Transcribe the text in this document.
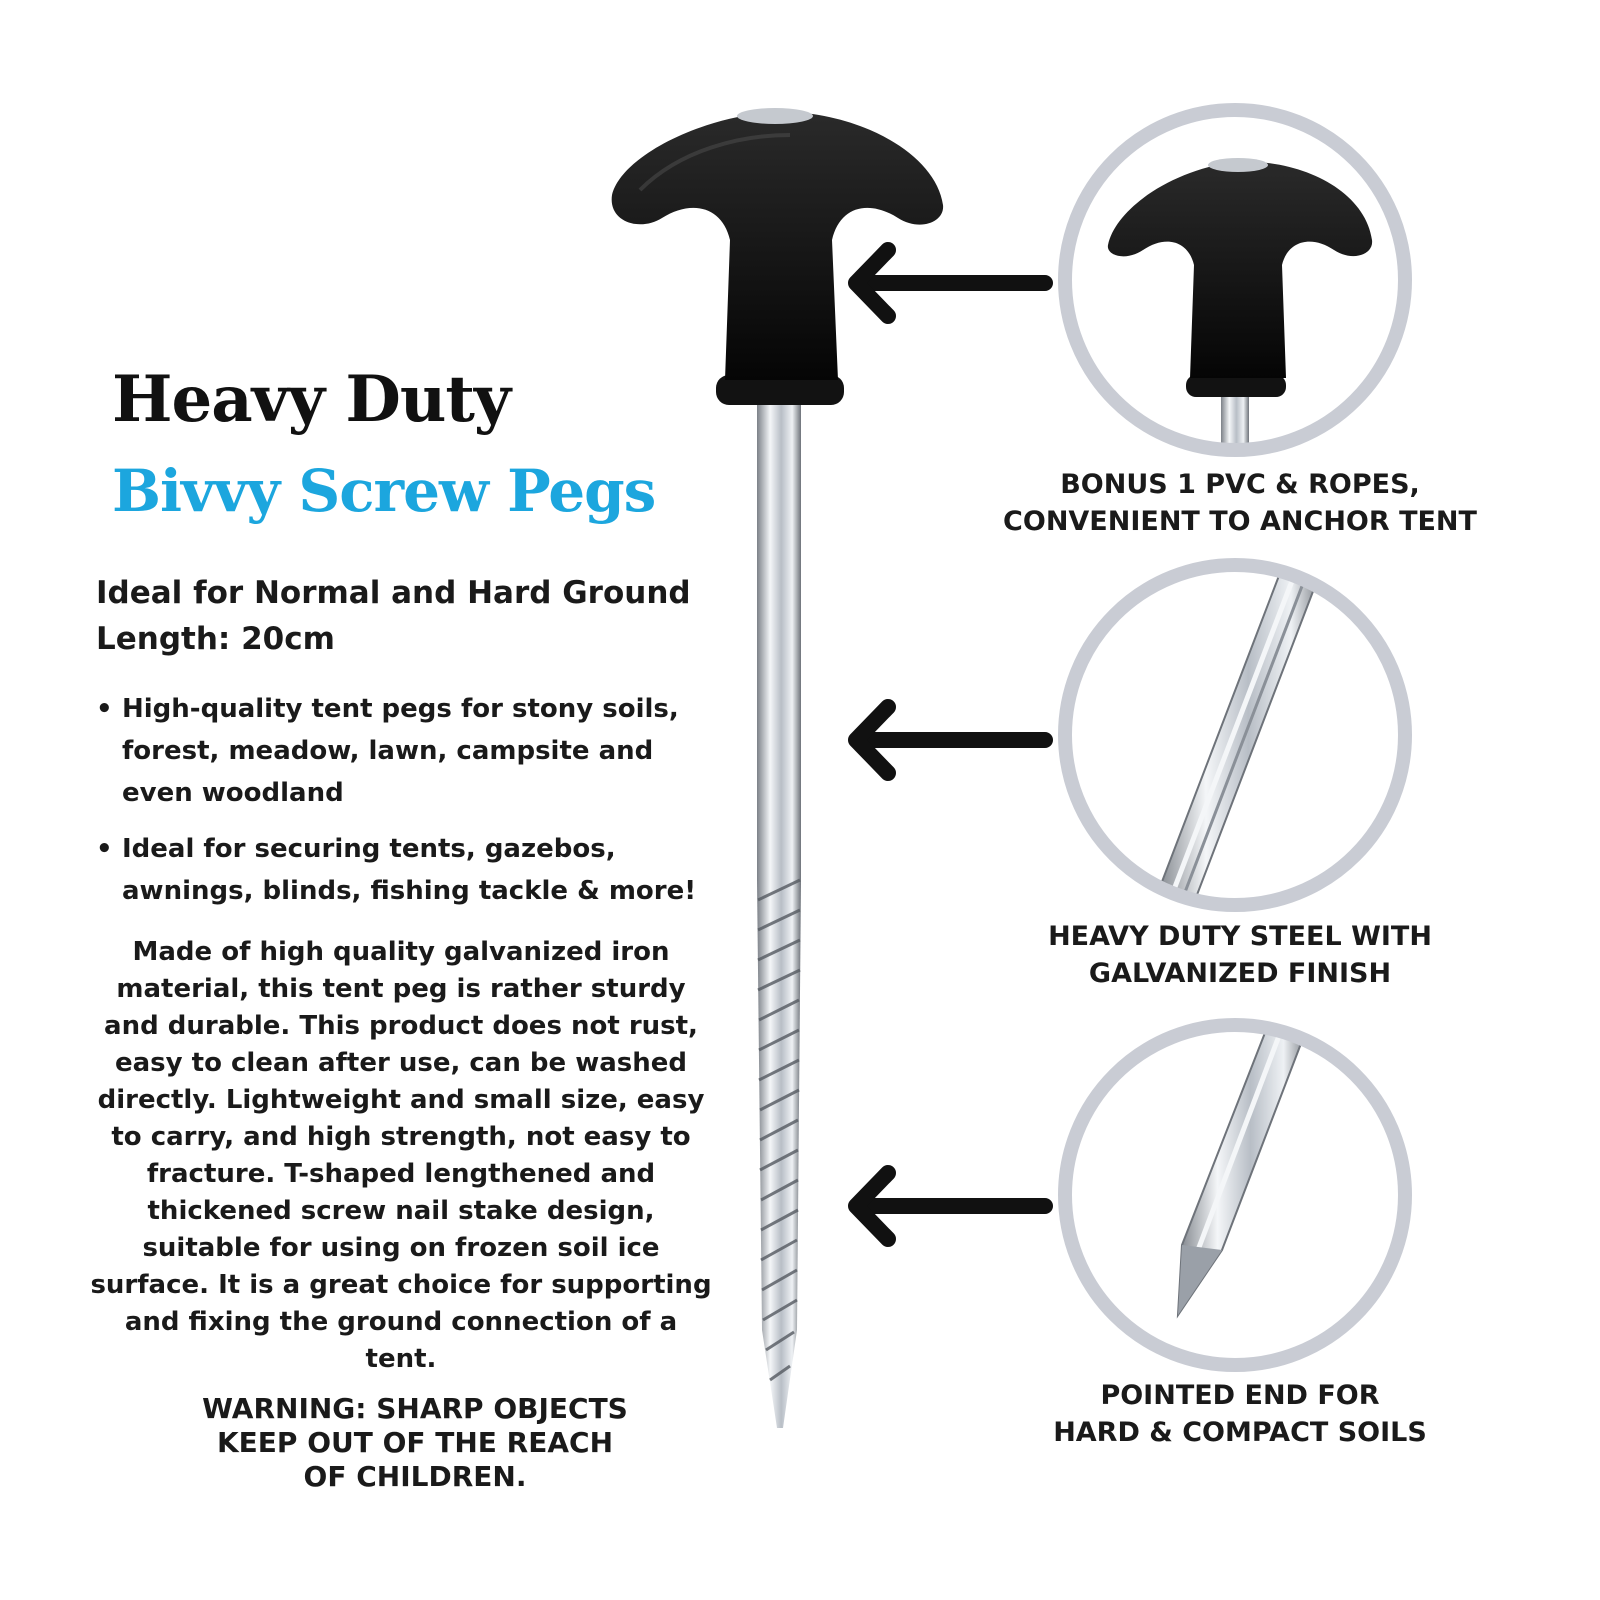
Heavy Duty
Bivvy Screw Pegs
Ideal for Normal and Hard Ground
Length: 20cm
• High-quality tent pegs for stony soils, forest, meadow, lawn, campsite and even woodland
• Ideal for securing tents, gazebos, awnings, blinds, fishing tackle & more!

Made of high quality galvanized iron material, this tent peg is rather sturdy and durable. This product does not rust, easy to clean after use, can be washed directly. Lightweight and small size, easy to carry, and high strength, not easy to fracture. T-shaped lengthened and thickened screw nail stake design, suitable for using on frozen soil ice surface. It is a great choice for supporting and fixing the ground connection of a tent.

WARNING: SHARP OBJECTS
KEEP OUT OF THE REACH
OF CHILDREN.
BONUS 1 PVC & ROPES,
CONVENIENT TO ANCHOR TENT
HEAVY DUTY STEEL WITH
GALVANIZED FINISH
POINTED END FOR
HARD & COMPACT SOILS
